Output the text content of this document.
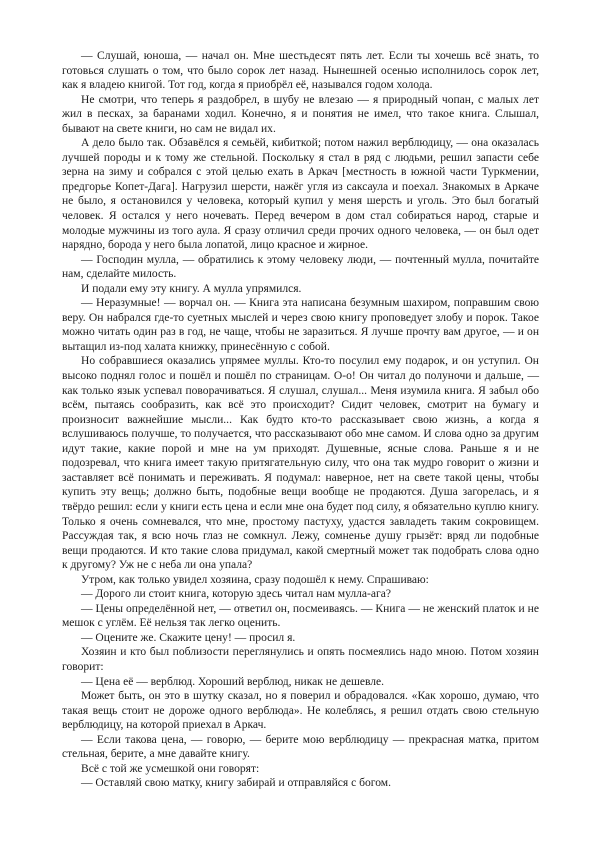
— Слушай, юноша, — начал он. Мне шестьдесят пять лет. Если ты хочешь всё знать, то готовься слушать о том, что было сорок лет назад. Нынешней осенью исполнилось сорок лет, как я владею книгой. Тот год, когда я приобрёл её, назывался годом холода.

Не смотри, что теперь я раздобрел, в шубу не влезаю — я природный чопан, с малых лет жил в песках, за баранами ходил. Конечно, я и понятия не имел, что такое книга. Слышал, бывают на свете книги, но сам не видал их.

А дело было так. Обзавёлся я семьёй, кибиткой; потом нажил верблюдицу, — она оказалась лучшей породы и к тому же стельной. Поскольку я стал в ряд с людьми, решил запасти себе зерна на зиму и собрался с этой целью ехать в Аркач [местность в южной части Туркмении, предгорье Копет-Дага]. Нагрузил шерсти, нажёг угля из саксаула и поехал. Знакомых в Аркаче не было, я остановился у человека, который купил у меня шерсть и уголь. Это был богатый человек. Я остался у него ночевать. Перед вечером в дом стал собираться народ, старые и молодые мужчины из того аула. Я сразу отличил среди прочих одного человека, — он был одет нарядно, борода у него была лопатой, лицо красное и жирное.

— Господин мулла, — обратились к этому человеку люди, — почтенный мулла, почитайте нам, сделайте милость.

И подали ему эту книгу. А мулла упрямился.

— Неразумные! — ворчал он. — Книга эта написана безумным шахиром, поправшим свою веру. Он набрался где-то суетных мыслей и через свою книгу проповедует злобу и порок. Такое можно читать один раз в год, не чаще, чтобы не заразиться. Я лучше прочту вам другое, — и он вытащил из-под халата книжку, принесённую с собой.

Но собравшиеся оказались упрямее муллы. Кто-то посулил ему подарок, и он уступил. Он высоко поднял голос и пошёл и пошёл по страницам. О-о! Он читал до полуночи и дальше, — как только язык успевал поворачиваться. Я слушал, слушал... Меня изумила книга. Я забыл обо всём, пытаясь сообразить, как всё это происходит? Сидит человек, смотрит на бумагу и произносит важнейшие мысли... Как будто кто-то рассказывает свою жизнь, а когда я вслушиваюсь получше, то получается, что рассказывают обо мне самом. И слова одно за другим идут такие, какие порой и мне на ум приходят. Душевные, ясные слова. Раньше я и не подозревал, что книга имеет такую притягательную силу, что она так мудро говорит о жизни и заставляет всё понимать и переживать. Я подумал: наверное, нет на свете такой цены, чтобы купить эту вещь; должно быть, подобные вещи вообще не продаются. Душа загорелась, и я твёрдо решил: если у книги есть цена и если мне она будет под силу, я обязательно куплю книгу. Только я очень сомневался, что мне, простому пастуху, удастся завладеть таким сокровищем. Рассуждая так, я всю ночь глаз не сомкнул. Лежу, сомненье душу грызёт: вряд ли подобные вещи продаются. И кто такие слова придумал, какой смертный может так подобрать слова одно к другому? Уж не с неба ли она упала?

Утром, как только увидел хозяина, сразу подошёл к нему. Спрашиваю:

— Дорого ли стоит книга, которую здесь читал нам мулла-ага?

— Цены определённой нет, — ответил он, посмеиваясь. — Книга — не женский платок и не мешок с углём. Её нельзя так легко оценить.

— Оцените же. Скажите цену! — просил я.

Хозяин и кто был поблизости переглянулись и опять посмеялись надо мною. Потом хозяин говорит:

— Цена её — верблюд. Хороший верблюд, никак не дешевле.

Может быть, он это в шутку сказал, но я поверил и обрадовался. «Как хорошо, думаю, что такая вещь стоит не дороже одного верблюда». Не колеблясь, я решил отдать свою стельную верблюдицу, на которой приехал в Аркач.

— Если такова цена, — говорю, — берите мою верблюдицу — прекрасная матка, притом стельная, берите, а мне давайте книгу.

Всё с той же усмешкой они говорят:

— Оставляй свою матку, книгу забирай и отправляйся с богом.
